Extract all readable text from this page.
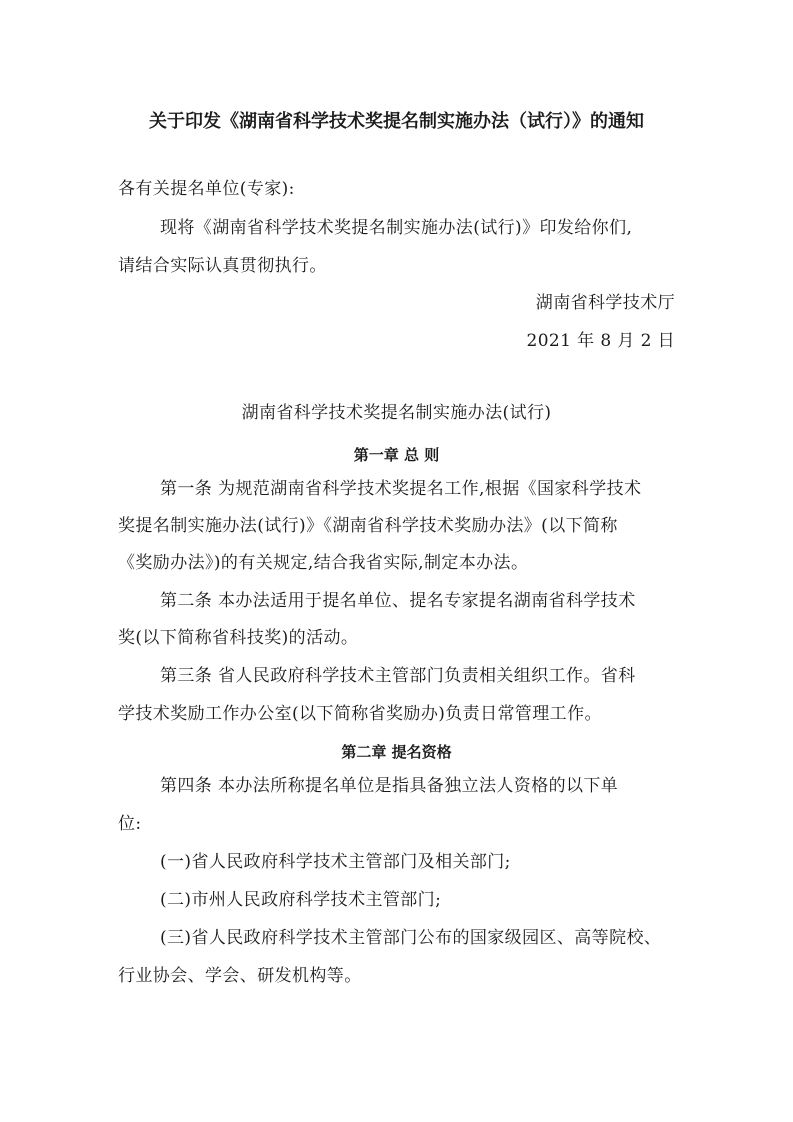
关于印发《湖南省科学技术奖提名制实施办法（试行）》的通知
各有关提名单位(专家):
现将《湖南省科学技术奖提名制实施办法(试行)》印发给你们,
请结合实际认真贯彻执行。
湖南省科学技术厅
2021 年 8 月 2 日
湖南省科学技术奖提名制实施办法(试行)
第一章 总 则
第一条 为规范湖南省科学技术奖提名工作,根据《国家科学技术
奖提名制实施办法(试行)》《湖南省科学技术奖励办法》(以下简称
《奖励办法》)的有关规定,结合我省实际,制定本办法。
第二条 本办法适用于提名单位、提名专家提名湖南省科学技术
奖(以下简称省科技奖)的活动。
第三条 省人民政府科学技术主管部门负责相关组织工作。省科
学技术奖励工作办公室(以下简称省奖励办)负责日常管理工作。
第二章 提名资格
第四条 本办法所称提名单位是指具备独立法人资格的以下单
位:
(一)省人民政府科学技术主管部门及相关部门;
(二)市州人民政府科学技术主管部门;
(三)省人民政府科学技术主管部门公布的国家级园区、高等院校、
行业协会、学会、研发机构等。
